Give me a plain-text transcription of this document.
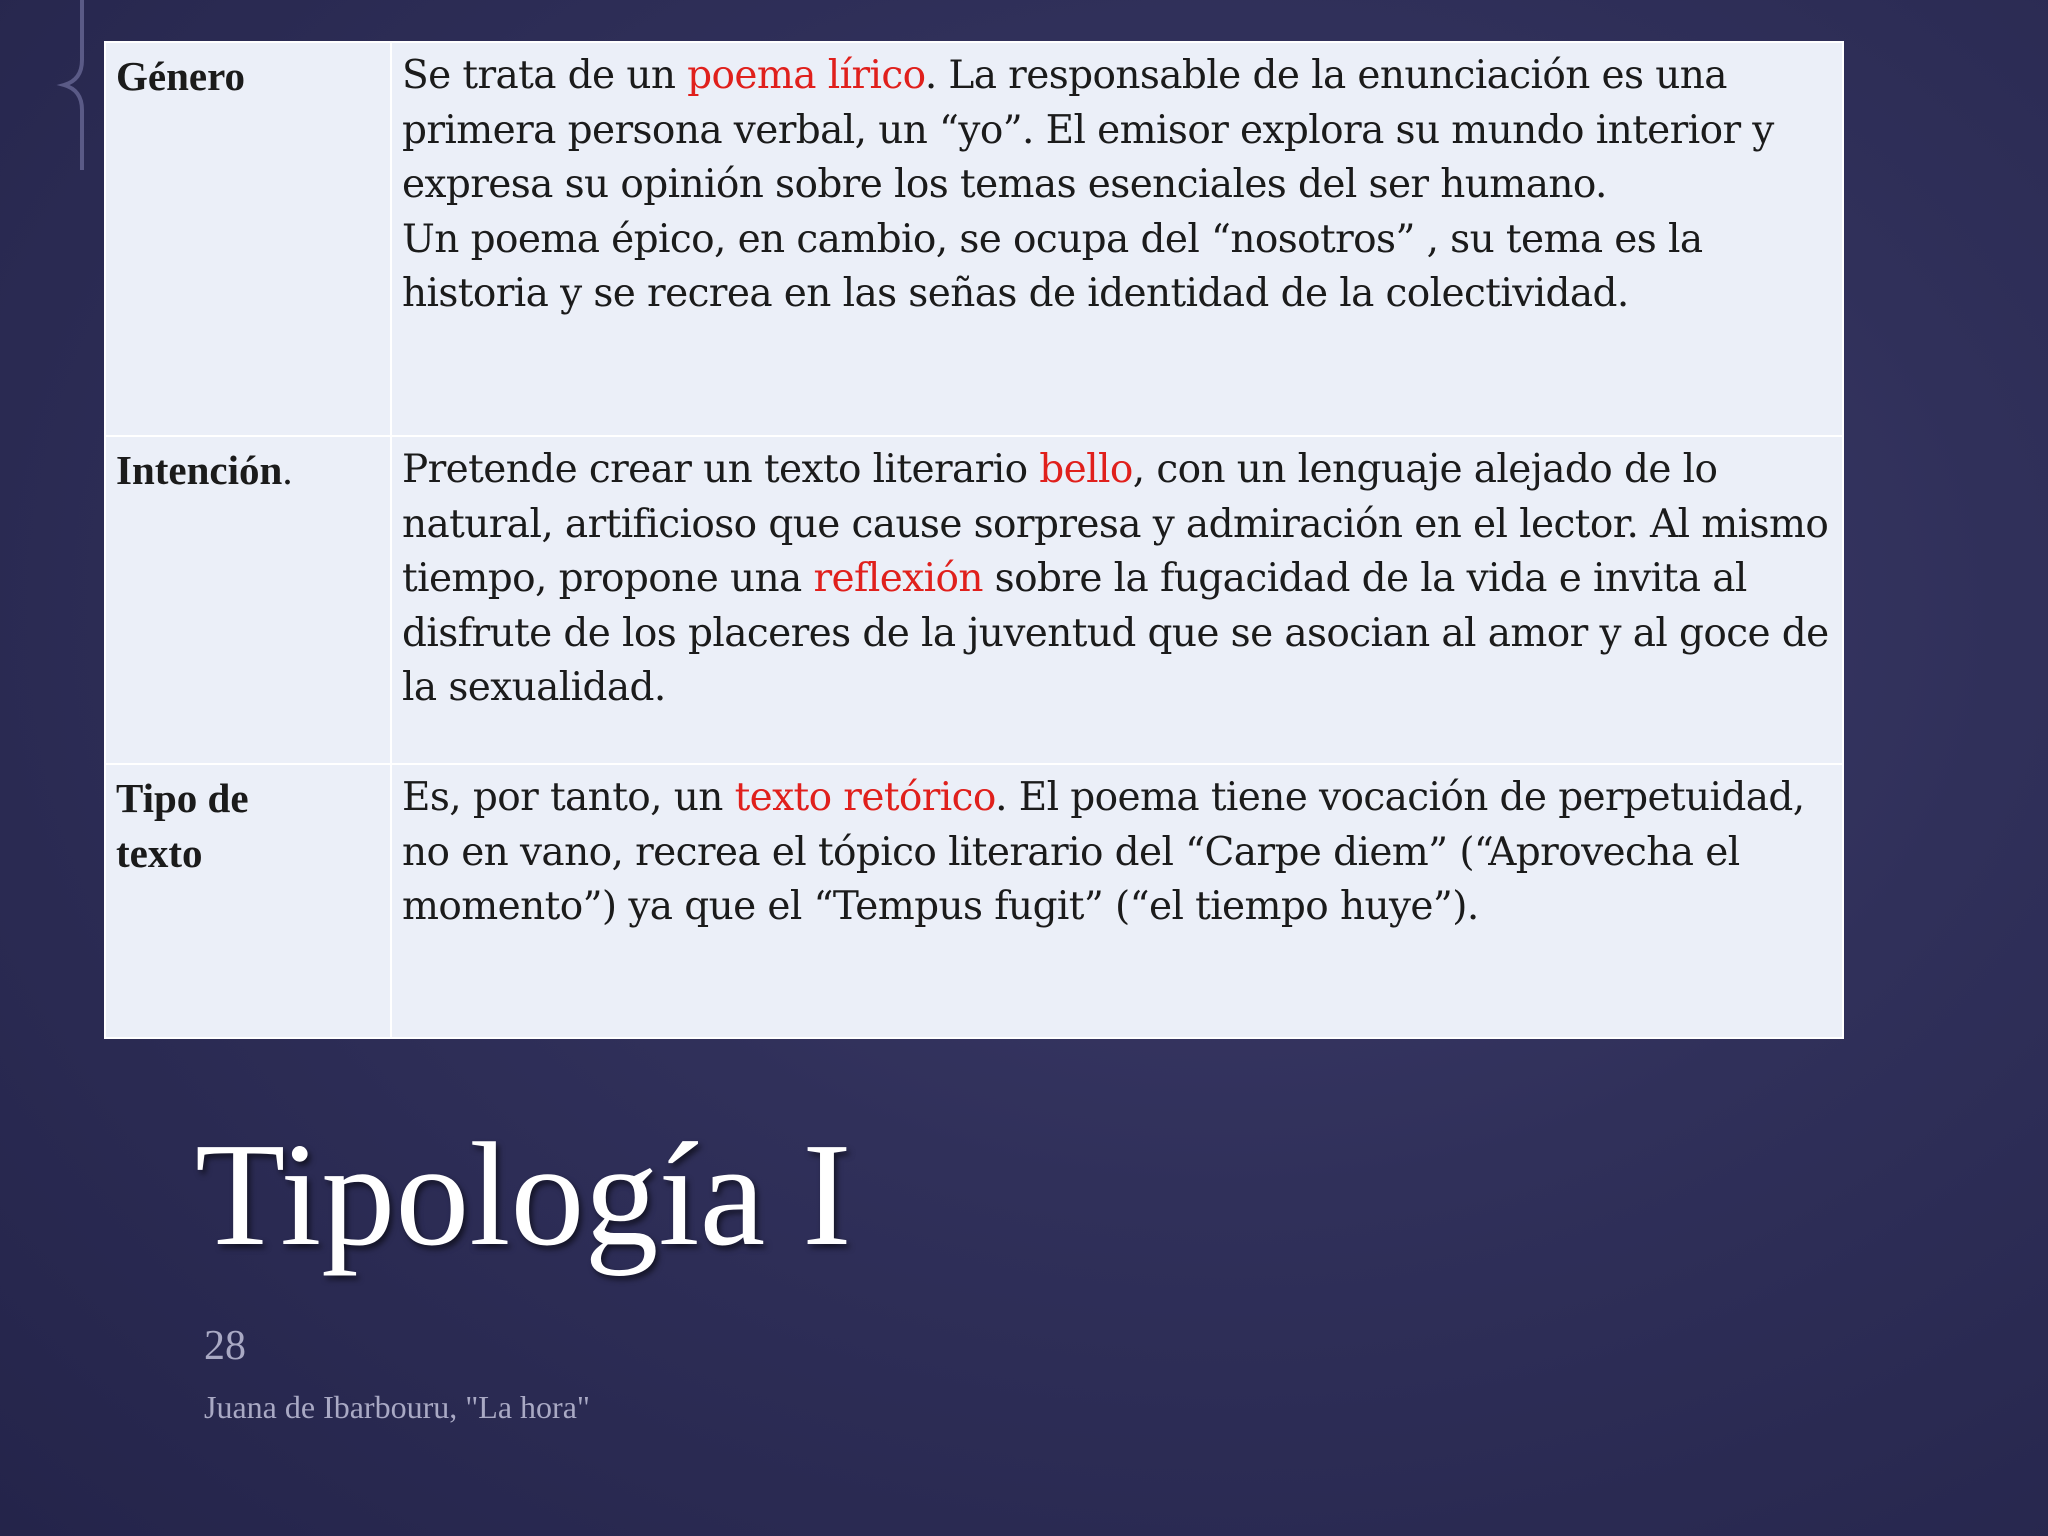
Género	Se trata de un poema lírico. La responsable de la enunciación es una primera persona verbal, un “yo”. El emisor explora su mundo interior y expresa su opinión sobre los temas esenciales del ser humano.
Un poema épico, en cambio, se ocupa del “nosotros” , su tema es la historia y se recrea en las señas de identidad de la colectividad.
Intención.	Pretende crear un texto literario bello, con un lenguaje alejado de lo natural, artificioso que cause sorpresa y admiración en el lector. Al mismo tiempo, propone una reflexión sobre la fugacidad de la vida e invita al disfrute de los placeres de la juventud que se asocian al amor y al goce de la sexualidad.
Tipo de
texto	Es, por tanto, un texto retórico. El poema tiene vocación de perpetuidad, no en vano, recrea el tópico literario del “Carpe diem” (“Aprovecha el momento”) ya que el “Tempus fugit” (“el tiempo huye”).
Tipología I
28
Juana de Ibarbouru, "La hora"
